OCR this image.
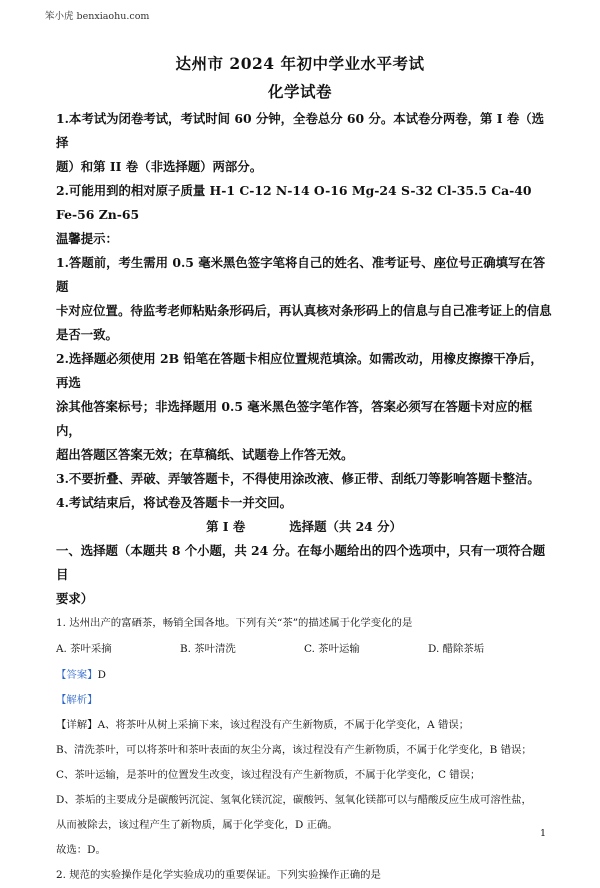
笨小虎 benxiaohu.com
达州市 2024 年初中学业水平考试
化学试卷

1.本考试为闭卷考试，考试时间 60 分钟，全卷总分 60 分。本试卷分两卷，第 I 卷（选择

题）和第 II 卷（非选择题）两部分。

2.可能用到的相对原子质量 H-1 C-12 N-14 O-16 Mg-24 S-32 Cl-35.5 Ca-40 Fe-56 Zn-65

温馨提示：

1.答题前，考生需用 0.5 毫米黑色签字笔将自己的姓名、准考证号、座位号正确填写在答题

卡对应位置。待监考老师粘贴条形码后，再认真核对条形码上的信息与自己准考证上的信息

是否一致。

2.选择题必须使用 2B 铅笔在答题卡相应位置规范填涂。如需改动，用橡皮擦擦干净后，再选

涂其他答案标号；非选择题用 0.5 毫米黑色签字笔作答，答案必须写在答题卡对应的框内，

超出答题区答案无效；在草稿纸、试题卷上作答无效。

3.不要折叠、弄破、弄皱答题卡，不得使用涂改液、修正带、刮纸刀等影响答题卡整洁。

4.考试结束后，将试卷及答题卡一并交回。

第 I 卷	选择题（共 24 分）

一、选择题（本题共 8 个小题，共 24 分。在每小题给出的四个选项中，只有一项符合题目

要求）

1. 达州出产的富硒茶，畅销全国各地。下列有关“茶”的描述属于化学变化的是

A. 茶叶采摘	B. 茶叶清洗	C. 茶叶运输	D. 醋除茶垢

【答案】D

【解析】

【详解】A、将茶叶从树上采摘下来，该过程没有产生新物质，不属于化学变化，A 错误；

B、清洗茶叶，可以将茶叶和茶叶表面的灰尘分离，该过程没有产生新物质，不属于化学变化，B 错误；

C、茶叶运输，是茶叶的位置发生改变，该过程没有产生新物质，不属于化学变化，C 错误；

D、茶垢的主要成分是碳酸钙沉淀、氢氧化镁沉淀，碳酸钙、氢氧化镁都可以与醋酸反应生成可溶性盐，

从而被除去，该过程产生了新物质，属于化学变化，D 正确。

故选：D。

2. 规范的实验操作是化学实验成功的重要保证。下列实验操作正确的是

1
